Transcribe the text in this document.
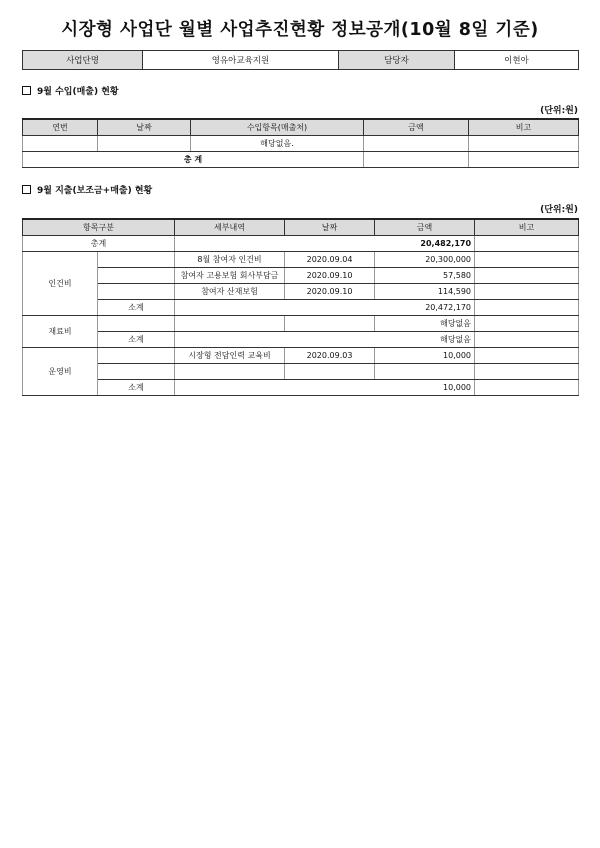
시장형 사업단 월별 사업추진현황 정보공개(10월 8일 기준)
사업단명	영유아교육지원	담당자	이현아
9월 수입(매출) 현황
(단위:원)
연번	날짜	수입항목(매출처)	금액	비고
		해당없음.		
총 계				
9월 지출(보조금+매출) 현황
(단위:원)
항목구분		세부내역	날짜	금액	비고
총계		20,482,170			
인건비		8월 참여자 인건비	2020.09.04	20,300,000	
		참여자 고용보험 회사부담금	2020.09.10	57,580	
		참여자 산재보험	2020.09.10	114,590	
	소계	20,472,170			
재료비				해당없음	
	소계	해당없음			
운영비		시장형 전담인력 교육비	2020.09.03	10,000	

	소계	10,000			
